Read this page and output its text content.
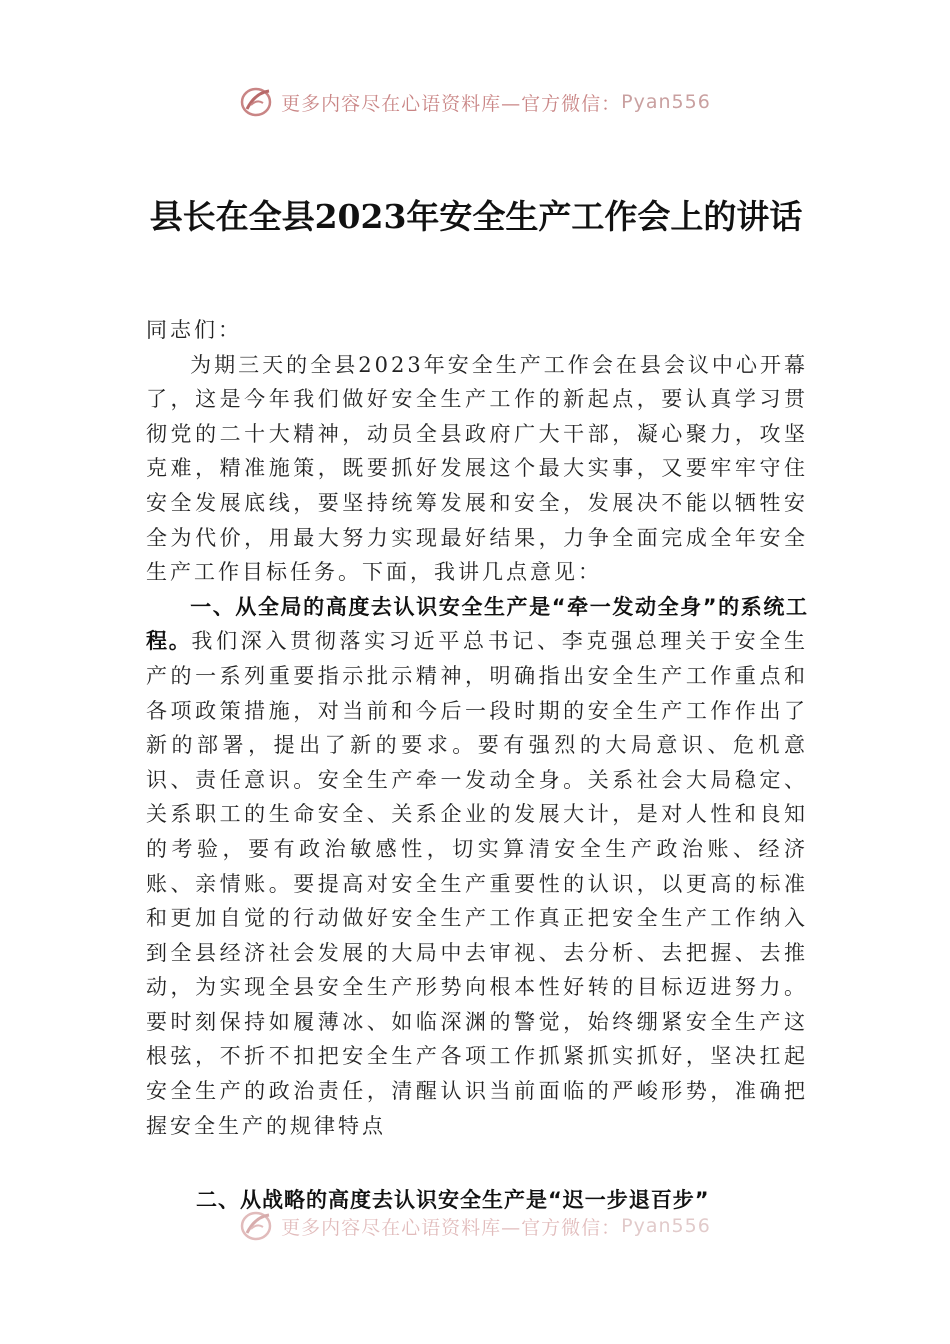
更多内容尽在心语资料库—官方微信： Pyan556
县长在全县2023年安全生产工作会上的讲话

同志们：

为期三天的全县2023年安全生产工作会在县会议中心开幕了，这是今年我们做好安全生产工作的新起点，要认真学习贯彻党的二十大精神，动员全县政府广大干部，凝心聚力，攻坚克难，精准施策，既要抓好发展这个最大实事，又要牢牢守住安全发展底线，要坚持统筹发展和安全，发展决不能以牺牲安全为代价，用最大努力实现最好结果，力争全面完成全年安全生产工作目标任务。下面，我讲几点意见：

一、从全局的高度去认识安全生产是“牵一发动全身”的系统工程。我们深入贯彻落实习近平总书记、李克强总理关于安全生产的一系列重要指示批示精神，明确指出安全生产工作重点和各项政策措施，对当前和今后一段时期的安全生产工作作出了新的部署，提出了新的要求。要有强烈的大局意识、危机意识、责任意识。安全生产牵一发动全身。关系社会大局稳定、关系职工的生命安全、关系企业的发展大计，是对人性和良知的考验，要有政治敏感性，切实算清安全生产政治账、经济账、亲情账。要提高对安全生产重要性的认识，以更高的标准和更加自觉的行动做好安全生产工作真正把安全生产工作纳入到全县经济社会发展的大局中去审视、去分析、去把握、去推动，为实现全县安全生产形势向根本性好转的目标迈进努力。要时刻保持如履薄冰、如临深渊的警觉，始终绷紧安全生产这根弦，不折不扣把安全生产各项工作抓紧抓实抓好，坚决扛起安全生产的政治责任，清醒认识当前面临的严峻形势，准确把握安全生产的规律特点

二、从战略的高度去认识安全生产是“迟一步退百步”
更多内容尽在心语资料库—官方微信： Pyan556
